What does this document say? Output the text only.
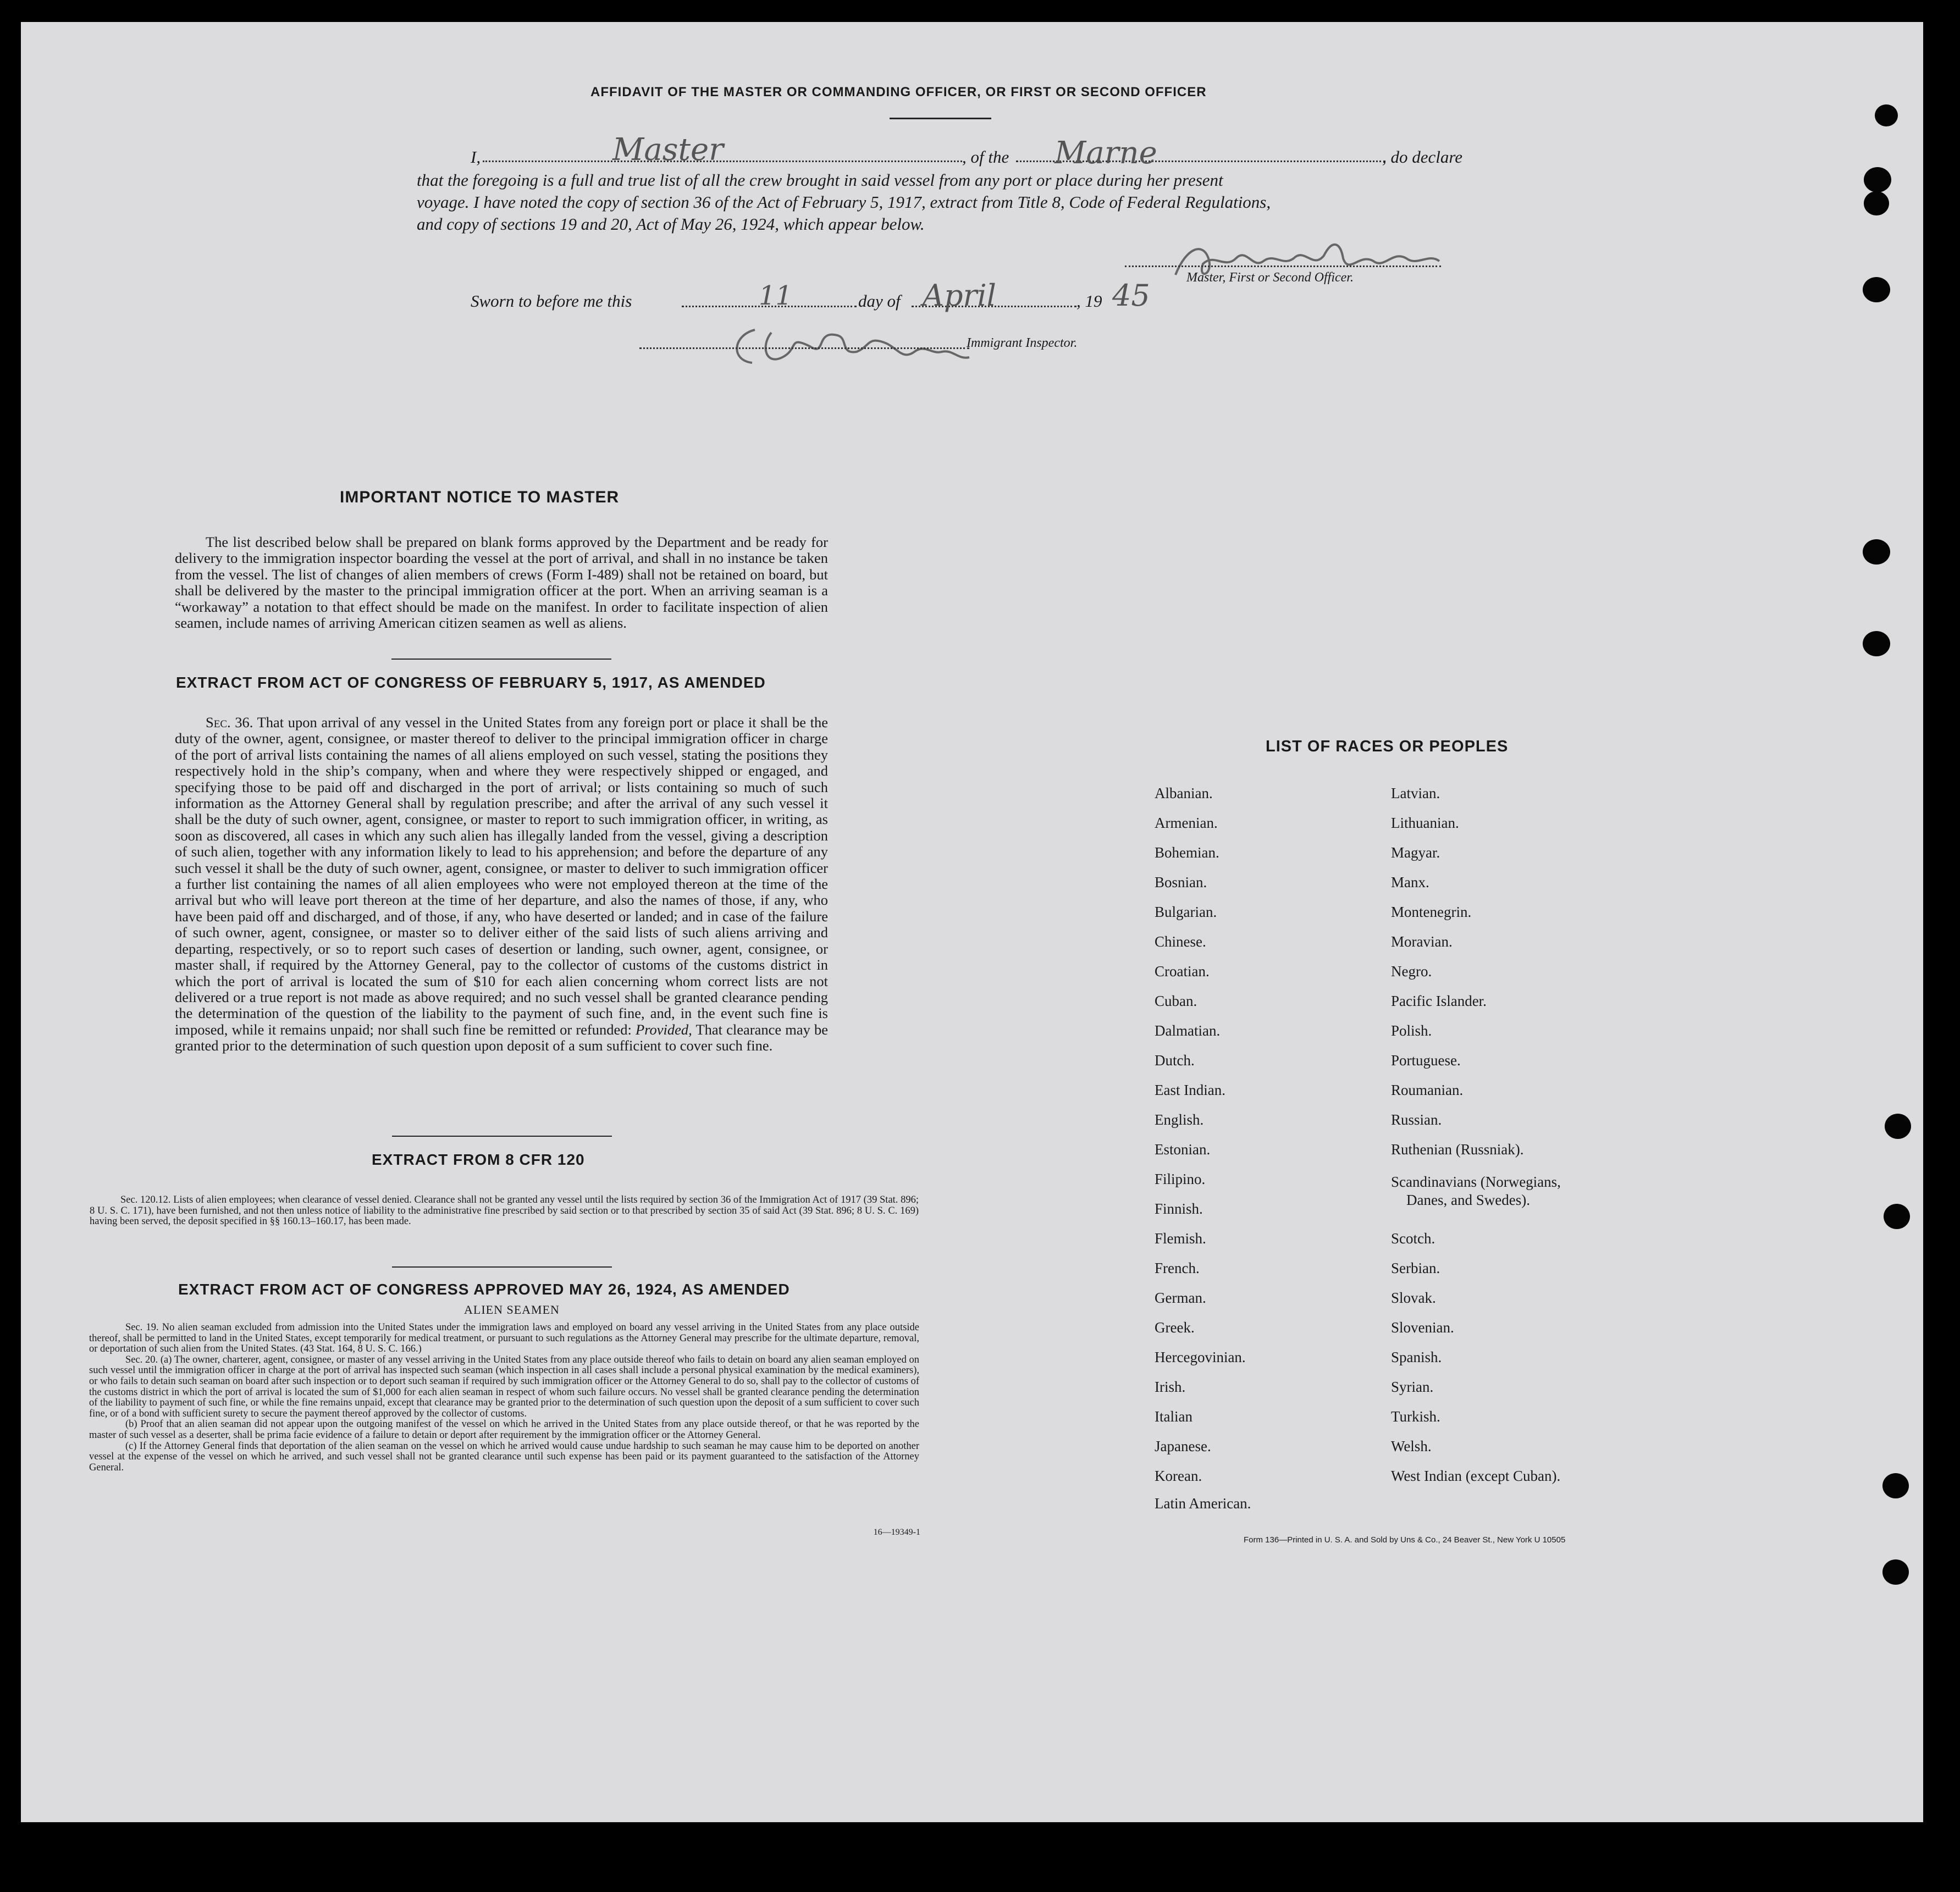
AFFIDAVIT OF THE MASTER OR COMMANDING OFFICER, OR FIRST OR SECOND OFFICER
I,	Master	, of the Marne	, do declare
that the foregoing is a full and true list of all the crew brought in said vessel from any port or place during her present
voyage. I have noted the copy of section 36 of the Act of February 5, 1917, extract from Title 8, Code of Federal Regulations,
and copy of sections 19 and 20, Act of May 26, 1924, which appear below.
Master, First or Second Officer.
Sworn to before me this	11	day of April	, 19 45
Immigrant Inspector.
IMPORTANT NOTICE TO MASTER
The list described below shall be prepared on blank forms approved by the Department and be ready for delivery to the immigration inspector boarding the vessel at the port of arrival, and shall in no instance be taken from the vessel. The list of changes of alien members of crews (Form I-489) shall not be retained on board, but shall be delivered by the master to the principal immigration officer at the port. When an arriving seaman is a “workaway” a notation to that effect should be made on the manifest. In order to facilitate inspection of alien seamen, include names of arriving American citizen seamen as well as aliens.
EXTRACT FROM ACT OF CONGRESS OF FEBRUARY 5, 1917, AS AMENDED
Sec. 36. That upon arrival of any vessel in the United States from any foreign port or place it shall be the duty of the owner, agent, consignee, or master thereof to deliver to the principal immigration officer in charge of the port of arrival lists containing the names of all aliens employed on such vessel, stating the positions they respectively hold in the ship’s company, when and where they were respectively shipped or engaged, and specifying those to be paid off and discharged in the port of arrival; or lists containing so much of such information as the Attorney General shall by regulation prescribe; and after the arrival of any such vessel it shall be the duty of such owner, agent, consignee, or master to report to such immigration officer, in writing, as soon as discovered, all cases in which any such alien has illegally landed from the vessel, giving a description of such alien, together with any information likely to lead to his apprehension; and before the departure of any such vessel it shall be the duty of such owner, agent, consignee, or master to deliver to such immigration officer a further list containing the names of all alien employees who were not employed thereon at the time of the arrival but who will leave port thereon at the time of her departure, and also the names of those, if any, who have been paid off and discharged, and of those, if any, who have deserted or landed; and in case of the failure of such owner, agent, consignee, or master so to deliver either of the said lists of such aliens arriving and departing, respectively, or so to report such cases of desertion or landing, such owner, agent, consignee, or master shall, if required by the Attorney General, pay to the collector of customs of the customs district in which the port of arrival is located the sum of $10 for each alien concerning whom correct lists are not delivered or a true report is not made as above required; and no such vessel shall be granted clearance pending the determination of the question of the liability to the payment of such fine, and, in the event such fine is imposed, while it remains unpaid; nor shall such fine be remitted or refunded: Provided, That clearance may be granted prior to the determination of such question upon deposit of a sum sufficient to cover such fine.
EXTRACT FROM 8 CFR 120
Sec. 120.12. Lists of alien employees; when clearance of vessel denied. Clearance shall not be granted any vessel until the lists required by section 36 of the Immigration Act of 1917 (39 Stat. 896; 8 U. S. C. 171), have been furnished, and not then unless notice of liability to the administrative fine prescribed by said section or to that prescribed by section 35 of said Act (39 Stat. 896; 8 U. S. C. 169) having been served, the deposit specified in §§ 160.13–160.17, has been made.
EXTRACT FROM ACT OF CONGRESS APPROVED MAY 26, 1924, AS AMENDED
ALIEN SEAMEN
Sec. 19. No alien seaman excluded from admission into the United States under the immigration laws and employed on board any vessel arriving in the United States from any place outside thereof, shall be permitted to land in the United States, except temporarily for medical treatment, or pursuant to such regulations as the Attorney General may prescribe for the ultimate departure, removal, or deportation of such alien from the United States. (43 Stat. 164, 8 U. S. C. 166.)
Sec. 20. (a) The owner, charterer, agent, consignee, or master of any vessel arriving in the United States from any place outside thereof who fails to detain on board any alien seaman employed on such vessel until the immigration officer in charge at the port of arrival has inspected such seaman (which inspection in all cases shall include a personal physical examination by the medical examiners), or who fails to detain such seaman on board after such inspection or to deport such seaman if required by such immigration officer or the Attorney General to do so, shall pay to the collector of customs of the customs district in which the port of arrival is located the sum of $1,000 for each alien seaman in respect of whom such failure occurs. No vessel shall be granted clearance pending the determination of the liability to payment of such fine, or while the fine remains unpaid, except that clearance may be granted prior to the determination of such question upon the deposit of a sum sufficient to cover such fine, or of a bond with sufficient surety to secure the payment thereof approved by the collector of customs.
(b) Proof that an alien seaman did not appear upon the outgoing manifest of the vessel on which he arrived in the United States from any place outside thereof, or that he was reported by the master of such vessel as a deserter, shall be prima facie evidence of a failure to detain or deport after requirement by the immigration officer or the Attorney General.
(c) If the Attorney General finds that deportation of the alien seaman on the vessel on which he arrived would cause undue hardship to such seaman he may cause him to be deported on another vessel at the expense of the vessel on which he arrived, and such vessel shall not be granted clearance until such expense has been paid or its payment guaranteed to the satisfaction of the Attorney General.
16—19349-1
LIST OF RACES OR PEOPLES
Albanian.
Armenian.
Bohemian.
Bosnian.
Bulgarian.
Chinese.
Croatian.
Cuban.
Dalmatian.
Dutch.
East Indian.
English.
Estonian.
Filipino.
Finnish.
Flemish.
French.
German.
Greek.
Hercegovinian.
Irish.
Italian
Japanese.
Korean.
Latin American.
Latvian.
Lithuanian.
Magyar.
Manx.
Montenegrin.
Moravian.
Negro.
Pacific Islander.
Polish.
Portuguese.
Roumanian.
Russian.
Ruthenian (Russniak).
Scandinavians (Norwegians, Danes, and Swedes).
Scotch.
Serbian.
Slovak.
Slovenian.
Spanish.
Syrian.
Turkish.
Welsh.
West Indian (except Cuban).
Form 136—Printed in U. S. A. and Sold by Uns & Co., 24 Beaver St., New York U 10505
